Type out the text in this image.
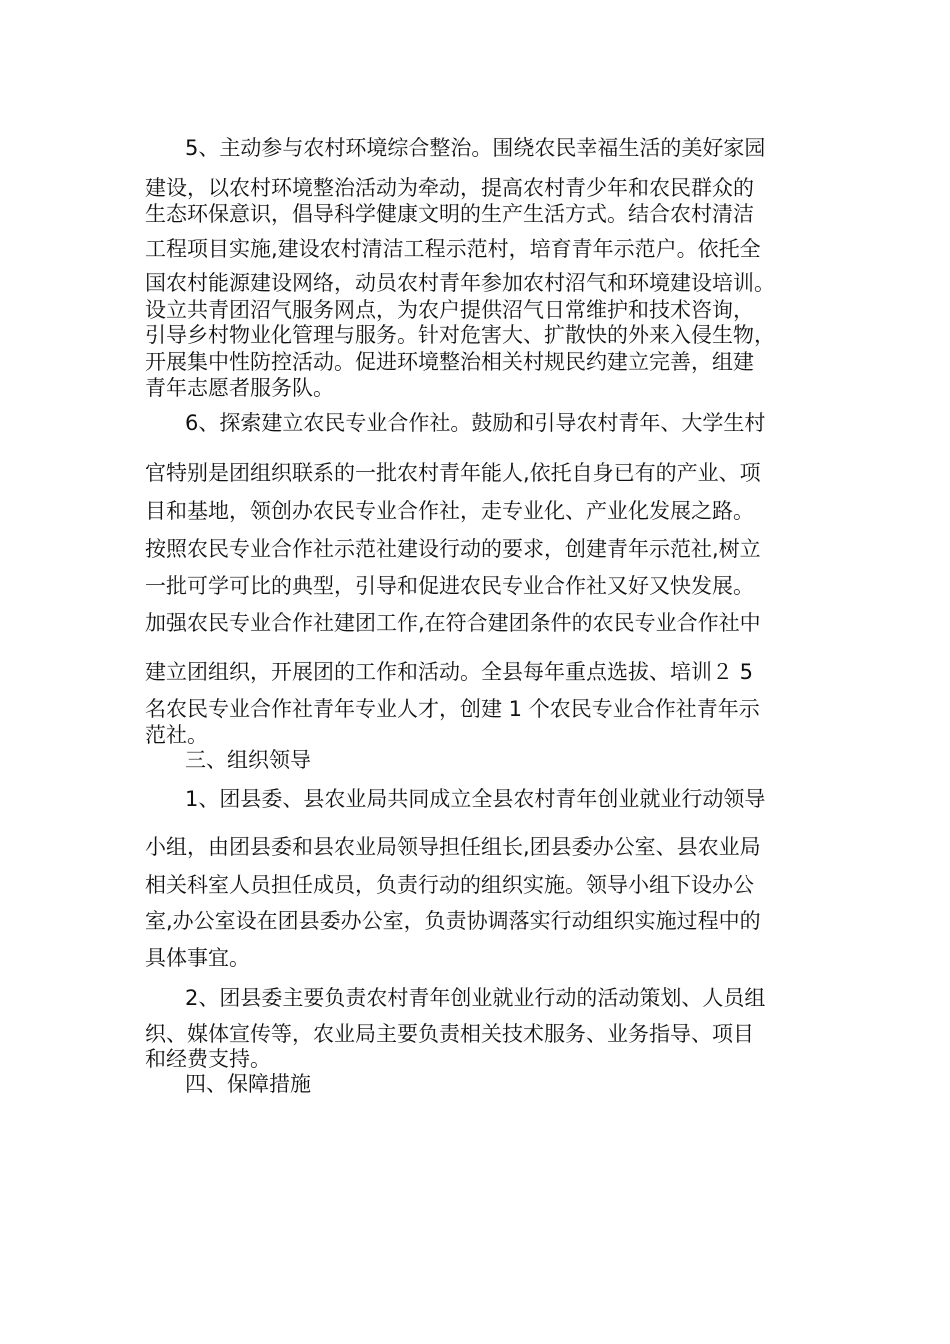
5、主动参与农村环境综合整治。围绕农民幸福生活的美好家园
建设，以农村环境整治活动为牵动，提高农村青少年和农民群众的
生态环保意识，倡导科学健康文明的生产生活方式。结合农村清洁
工程项目实施,建设农村清洁工程示范村，培育青年示范户。依托全
国农村能源建设网络，动员农村青年参加农村沼气和环境建设培训。
设立共青团沼气服务网点，为农户提供沼气日常维护和技术咨询，
引导乡村物业化管理与服务。针对危害大、扩散快的外来入侵生物，
开展集中性防控活动。促进环境整治相关村规民约建立完善，组建
青年志愿者服务队。
6、探索建立农民专业合作社。鼓励和引导农村青年、大学生村
官特别是团组织联系的一批农村青年能人,依托自身已有的产业、项
目和基地，领创办农民专业合作社，走专业化、产业化发展之路。
按照农民专业合作社示范社建设行动的要求，创建青年示范社,树立
一批可学可比的典型，引导和促进农民专业合作社又好又快发展。
加强农民专业合作社建团工作,在符合建团条件的农民专业合作社中
建立团组织，开展团的工作和活动。全县每年重点选拔、培训２ 5
名农民专业合作社青年专业人才，创建 1 个农民专业合作社青年示
范社。
三、组织领导
1、团县委、县农业局共同成立全县农村青年创业就业行动领导
小组，由团县委和县农业局领导担任组长,团县委办公室、县农业局
相关科室人员担任成员，负责行动的组织实施。领导小组下设办公
室,办公室设在团县委办公室，负责协调落实行动组织实施过程中的
具体事宜。
2、团县委主要负责农村青年创业就业行动的活动策划、人员组
织、媒体宣传等，农业局主要负责相关技术服务、业务指导、项目
和经费支持。
四、保障措施
